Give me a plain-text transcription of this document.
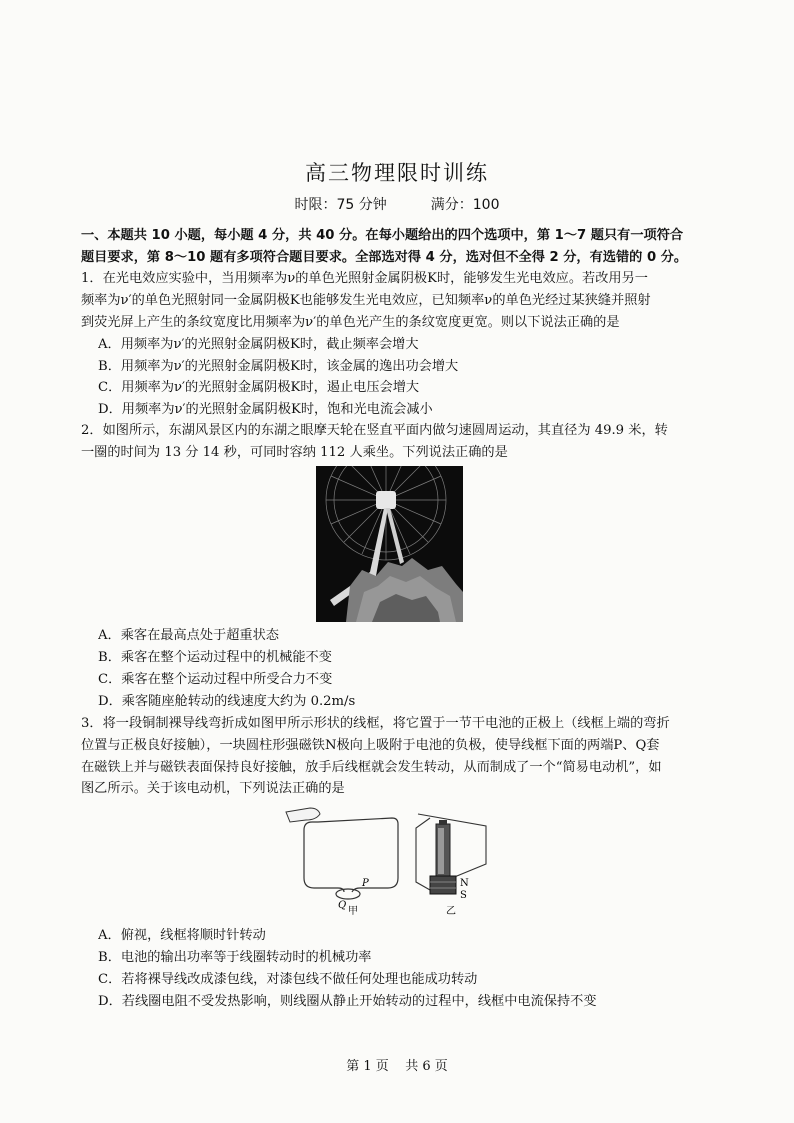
高三物理限时训练
时限：75 分钟	满分：100
一、本题共 10 小题，每小题 4 分，共 40 分。在每小题给出的四个选项中，第 1～7 题只有一项符合
题目要求，第 8～10 题有多项符合题目要求。全部选对得 4 分，选对但不全得 2 分，有选错的 0 分。
1．在光电效应实验中，当用频率为ν的单色光照射金属阴极K时，能够发生光电效应。若改用另一
频率为ν′的单色光照射同一金属阴极K也能够发生光电效应，已知频率ν的单色光经过某狭缝并照射
到荧光屏上产生的条纹宽度比用频率为ν′的单色光产生的条纹宽度更宽。则以下说法正确的是
A．用频率为ν′的光照射金属阴极K时，截止频率会增大
B．用频率为ν′的光照射金属阴极K时，该金属的逸出功会增大
C．用频率为ν′的光照射金属阴极K时，遏止电压会增大
D．用频率为ν′的光照射金属阴极K时，饱和光电流会减小
2．如图所示，东湖风景区内的东湖之眼摩天轮在竖直平面内做匀速圆周运动，其直径为 49.9 米，转
一圈的时间为 13 分 14 秒，可同时容纳 112 人乘坐。下列说法正确的是
A．乘客在最高点处于超重状态
B．乘客在整个运动过程中的机械能不变
C．乘客在整个运动过程中所受合力不变
D．乘客随座舱转动的线速度大约为 0.2m/s
3．将一段铜制裸导线弯折成如图甲所示形状的线框，将它置于一节干电池的正极上（线框上端的弯折
位置与正极良好接触），一块圆柱形强磁铁N极向上吸附于电池的负极，使导线框下面的两端P、Q套
在磁铁上并与磁铁表面保持良好接触，放手后线框就会发生转动，从而制成了一个“简易电动机”，如
图乙所示。关于该电动机，下列说法正确的是
P
Q
甲
N
S
乙
A．俯视，线框将顺时针转动
B．电池的输出功率等于线圈转动时的机械功率
C．若将裸导线改成漆包线，对漆包线不做任何处理也能成功转动
D．若线圈电阻不受发热影响，则线圈从静止开始转动的过程中，线框中电流保持不变
第 1 页 共 6 页
